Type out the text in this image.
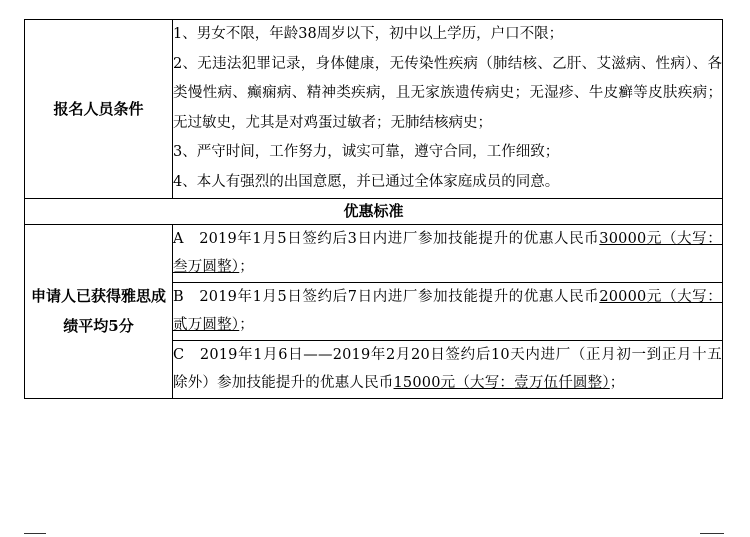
报名人员条件	1、男女不限，年龄38周岁以下，初中以上学历，户口不限；

2、无违法犯罪记录，身体健康，无传染性疾病（肺结核、乙肝、艾滋病、性病）、各类慢性病、癫痫病、精神类疾病，且无家族遗传病史；无湿疹、牛皮癣等皮肤疾病；无过敏史，尤其是对鸡蛋过敏者；无肺结核病史；

3、严守时间，工作努力，诚实可靠，遵守合同，工作细致；

4、本人有强烈的出国意愿，并已通过全体家庭成员的同意。

优惠标准	
申请人已获得雅思成绩平均5分	A　2019年1月5日签约后3日内进厂参加技能提升的优惠人民币30000元（大写：叁万圆整）；

	B　2019年1月5日签约后7日内进厂参加技能提升的优惠人民币20000元（大写：贰万圆整）；

	C　2019年1月6日——2019年2月20日签约后10天内进厂（正月初一到正月十五除外）参加技能提升的优惠人民币15000元（大写：壹万伍仟圆整）；
